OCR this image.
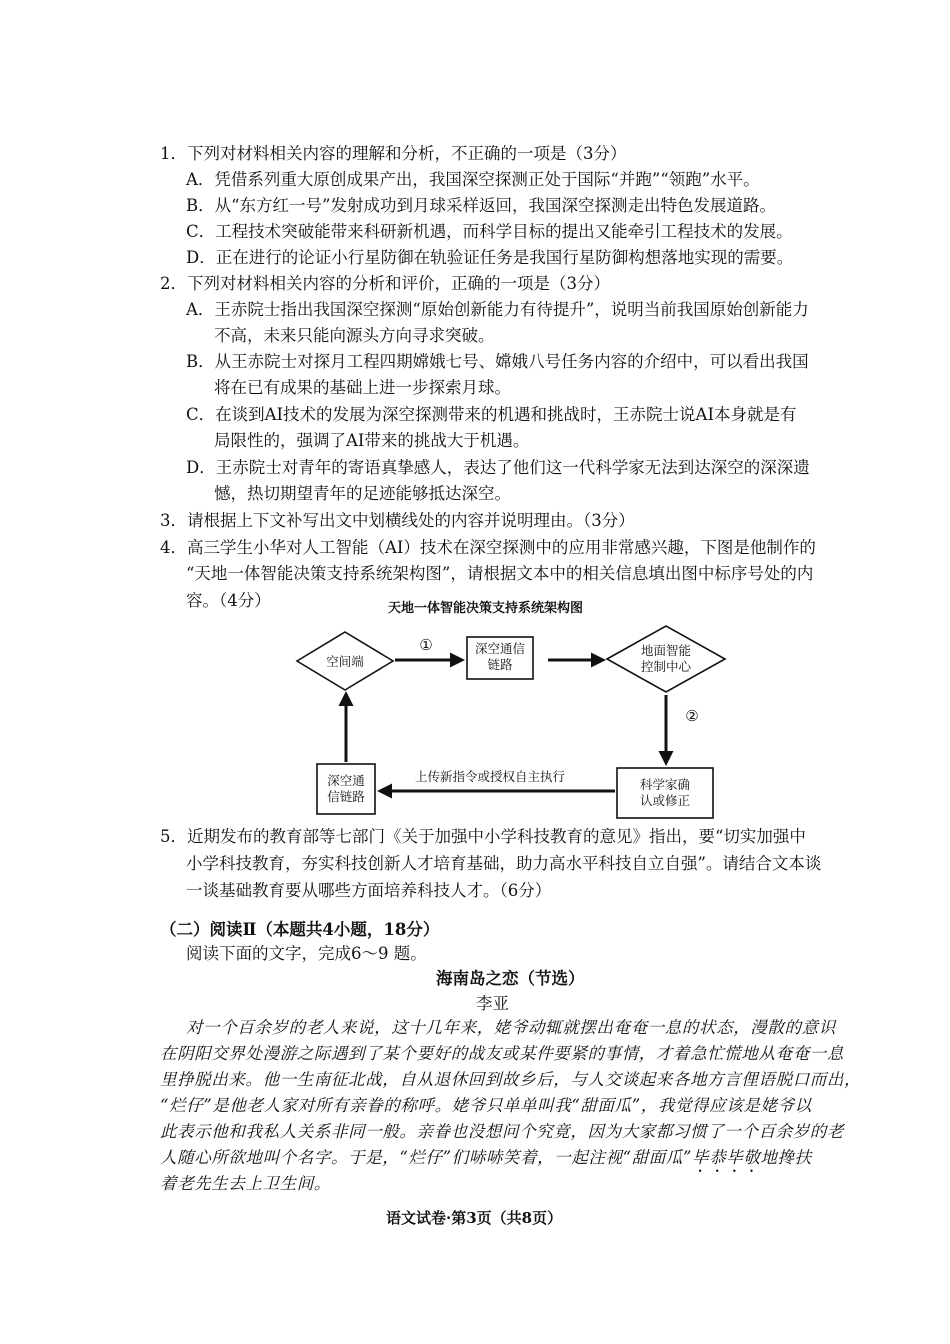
1．下列对材料相关内容的理解和分析，不正确的一项是（3分）
A．凭借系列重大原创成果产出，我国深空探测正处于国际“并跑”“领跑”水平。
B．从“东方红一号”发射成功到月球采样返回，我国深空探测走出特色发展道路。
C．工程技术突破能带来科研新机遇，而科学目标的提出又能牵引工程技术的发展。
D．正在进行的论证小行星防御在轨验证任务是我国行星防御构想落地实现的需要。
2．下列对材料相关内容的分析和评价，正确的一项是（3分）
A．王赤院士指出我国深空探测“原始创新能力有待提升”，说明当前我国原始创新能力
不高，未来只能向源头方向寻求突破。
B．从王赤院士对探月工程四期嫦娥七号、嫦娥八号任务内容的介绍中，可以看出我国
将在已有成果的基础上进一步探索月球。
C．在谈到AI技术的发展为深空探测带来的机遇和挑战时，王赤院士说AI本身就是有
局限性的，强调了AI带来的挑战大于机遇。
D．王赤院士对青年的寄语真挚感人，表达了他们这一代科学家无法到达深空的深深遗
憾，热切期望青年的足迹能够抵达深空。
3．请根据上下文补写出文中划横线处的内容并说明理由。（3分）
4．高三学生小华对人工智能（AI）技术在深空探测中的应用非常感兴趣，下图是他制作的
“天地一体智能决策支持系统架构图”，请根据文本中的相关信息填出图中标序号处的内
容。（4分）	天地一体智能决策支持系统架构图
空间端
深空通信
链路
地面智能
控制中心
科学家确
认或修正
深空通
信链路
①
②
上传新指令或授权自主执行
5．近期发布的教育部等七部门《关于加强中小学科技教育的意见》指出，要“切实加强中
小学科技教育，夯实科技创新人才培育基础，助力高水平科技自立自强”。请结合文本谈
一谈基础教育要从哪些方面培养科技人才。（6分）
（二）阅读Ⅱ（本题共4小题，18分）
阅读下面的文字，完成6～9 题。
海南岛之恋（节选）
李亚
对一个百余岁的老人来说，这十几年来，姥爷动辄就摆出奄奄一息的状态，漫散的意识
在阴阳交界处漫游之际遇到了某个要好的战友或某件要紧的事情，才着急忙慌地从奄奄一息
里挣脱出来。他一生南征北战，自从退休回到故乡后，与人交谈起来各地方言俚语脱口而出，
“烂仔”是他老人家对所有亲眷的称呼。姥爷只单单叫我“甜面瓜”，我觉得应该是姥爷以
此表示他和我私人关系非同一般。亲眷也没想问个究竟，因为大家都习惯了一个百余岁的老
人随心所欲地叫个名字。于是，“烂仔”们哧哧笑着，一起注视“甜面瓜”毕恭毕敬地搀扶
着老先生去上卫生间。
语文试卷·第3页（共8页）
